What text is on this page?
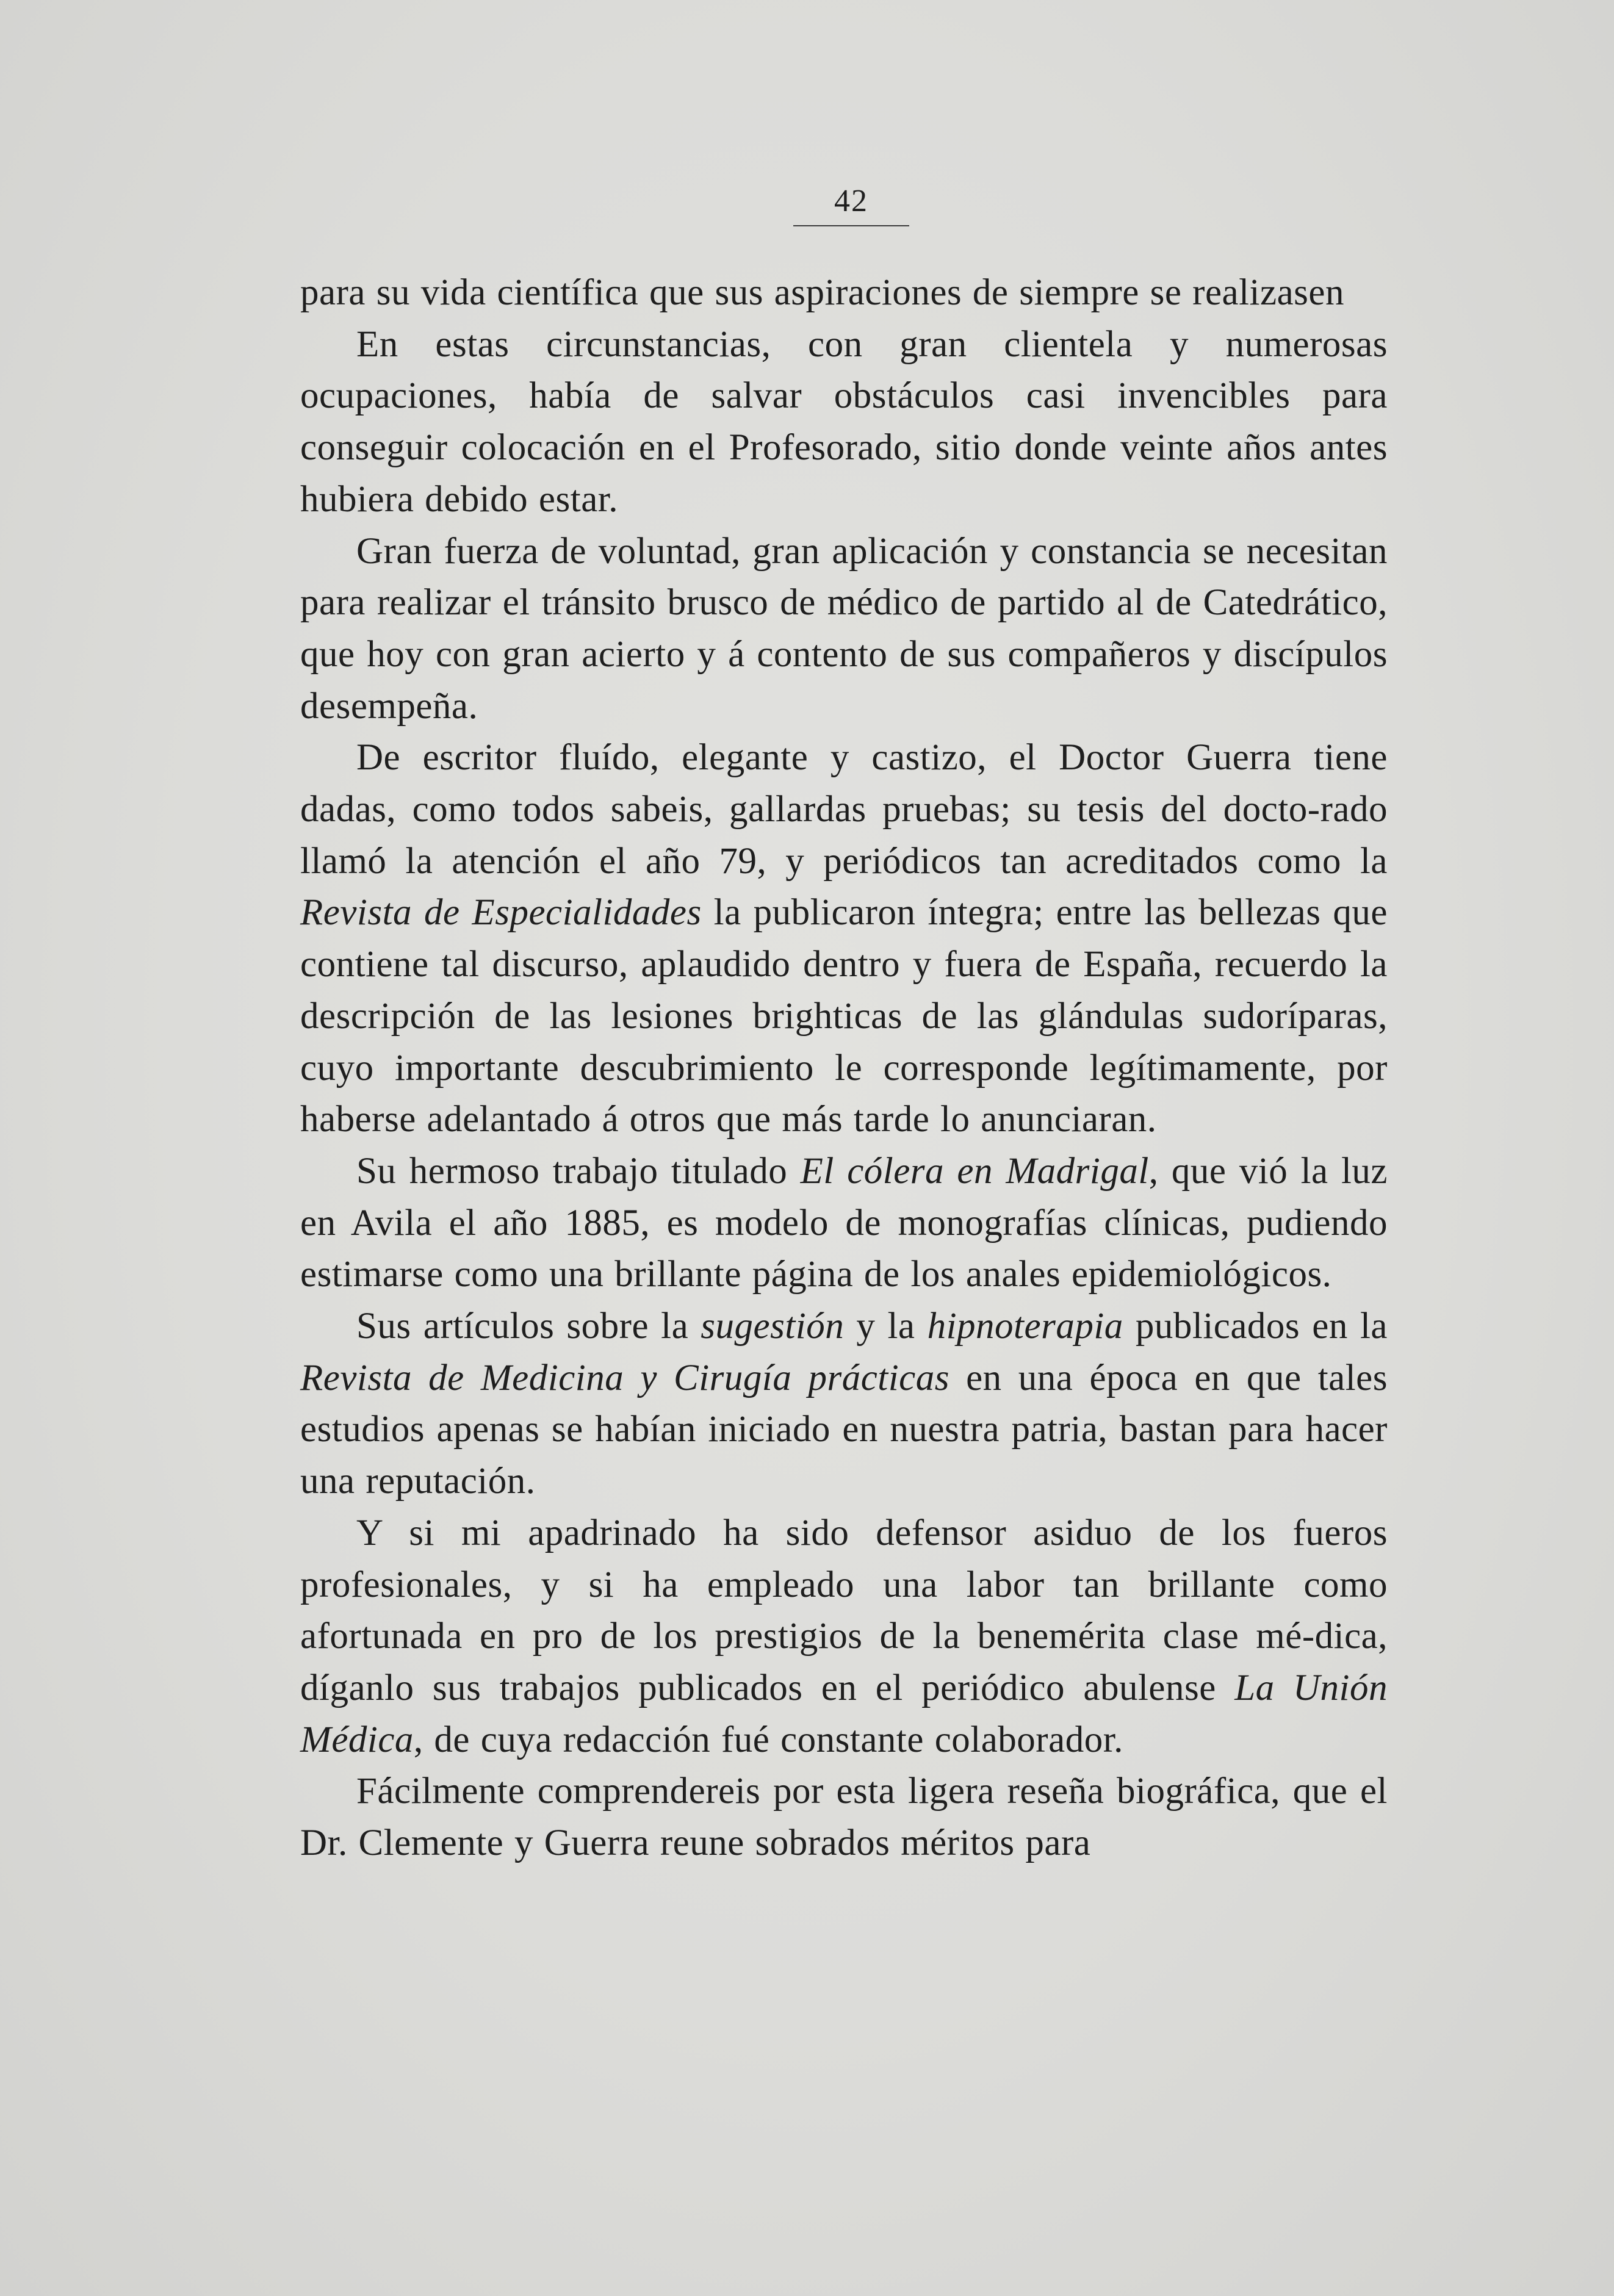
42

para su vida científica que sus aspiraciones de siempre se realizasen

En estas circunstancias, con gran clientela y numerosas ocupaciones, había de salvar obstáculos casi invencibles para conseguir colocación en el Profesorado, sitio donde veinte años antes hubiera debido estar.

Gran fuerza de voluntad, gran aplicación y constancia se necesitan para realizar el tránsito brusco de médico de partido al de Catedrático, que hoy con gran acierto y á contento de sus compañeros y discípulos desempeña.

De escritor fluído, elegante y castizo, el Doctor Guerra tiene dadas, como todos sabeis, gallardas pruebas; su tesis del docto-rado llamó la atención el año 79, y periódicos tan acreditados como la Revista de Especialidades la publicaron íntegra; entre las bellezas que contiene tal discurso, aplaudido dentro y fuera de España, recuerdo la descripción de las lesiones brighticas de las glándulas sudoríparas, cuyo importante descubrimiento le corresponde legítimamente, por haberse adelantado á otros que más tarde lo anunciaran.

Su hermoso trabajo titulado El cólera en Madrigal, que vió la luz en Avila el año 1885, es modelo de monografías clínicas, pudiendo estimarse como una brillante página de los anales epidemiológicos.

Sus artículos sobre la sugestión y la hipnoterapia publicados en la Revista de Medicina y Cirugía prácticas en una época en que tales estudios apenas se habían iniciado en nuestra patria, bastan para hacer una reputación.

Y si mi apadrinado ha sido defensor asiduo de los fueros profesionales, y si ha empleado una labor tan brillante como afortunada en pro de los prestigios de la benemérita clase mé-dica, díganlo sus trabajos publicados en el periódico abulense La Unión Médica, de cuya redacción fué constante colaborador.

Fácilmente comprendereis por esta ligera reseña biográfica, que el Dr. Clemente y Guerra reune sobrados méritos para
